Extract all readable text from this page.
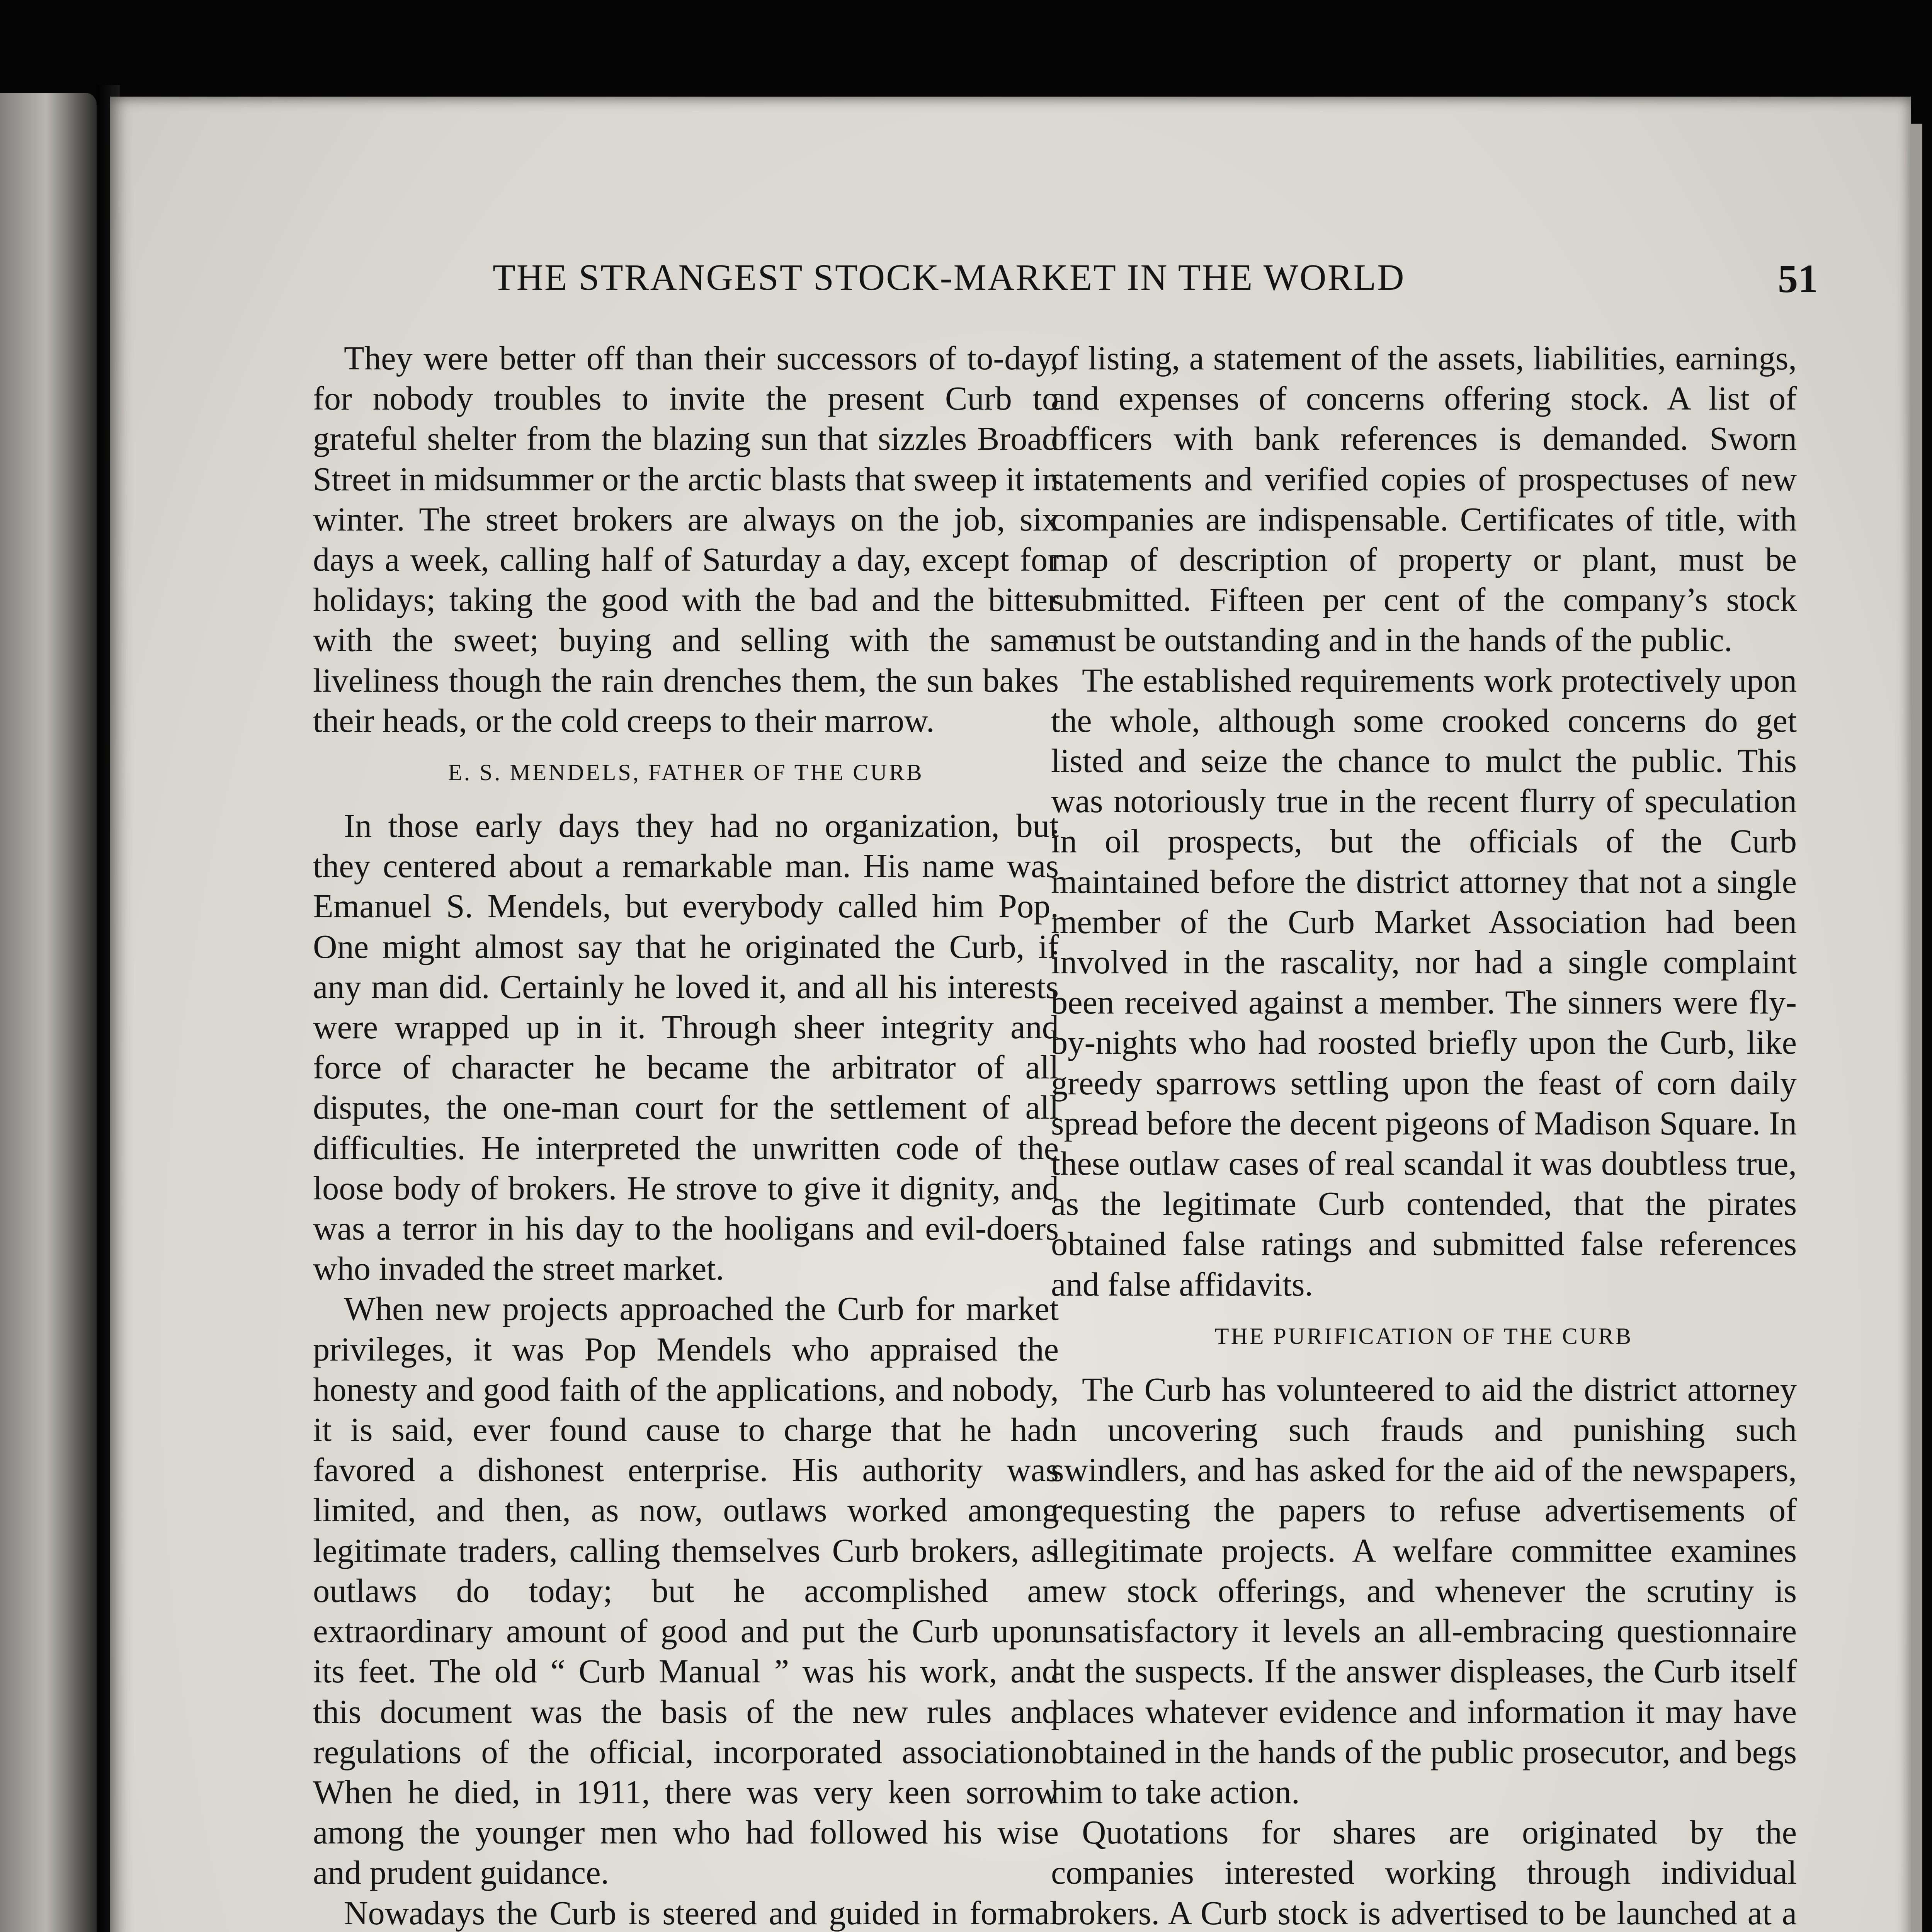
THE STRANGEST STOCK-MARKET IN THE WORLD	51

They were better off than their successors of to-day, for nobody troubles to invite the present Curb to grateful shelter from the blazing sun that sizzles Broad Street in midsummer or the arctic blasts that sweep it in winter. The street brokers are always on the job, six days a week, calling half of Saturday a day, except for holidays; taking the good with the bad and the bitter with the sweet; buying and selling with the same liveliness though the rain drenches them, the sun bakes their heads, or the cold creeps to their marrow.

E. S. MENDELS, FATHER OF THE CURB

In those early days they had no organization, but they centered about a remarkable man. His name was Emanuel S. Mendels, but everybody called him Pop. One might almost say that he originated the Curb, if any man did. Certainly he loved it, and all his interests were wrapped up in it. Through sheer integrity and force of character he became the arbitrator of all disputes, the one-man court for the settlement of all difficulties. He interpreted the unwritten code of the loose body of brokers. He strove to give it dignity, and was a terror in his day to the hooligans and evil-doers who invaded the street market.

When new projects approached the Curb for market privileges, it was Pop Mendels who appraised the honesty and good faith of the applications, and nobody, it is said, ever found cause to charge that he had favored a dishonest enterprise. His authority was limited, and then, as now, outlaws worked among legitimate traders, calling themselves Curb brokers, as outlaws do today; but he accomplished an extraordinary amount of good and put the Curb upon its feet. The old “ Curb Manual ” was his work, and this document was the basis of the new rules and regulations of the official, incorporated association. When he died, in 1911, there was very keen sorrow among the younger men who had followed his wise and prudent guidance.

Nowadays the Curb is steered and guided in formal

of listing, a statement of the assets, liabilities, earnings, and expenses of concerns offering stock. A list of officers with bank references is demanded. Sworn statements and verified copies of prospectuses of new companies are indispensable. Certificates of title, with map of description of property or plant, must be submitted. Fifteen per cent of the company’s stock must be outstanding and in the hands of the public.

The established requirements work protectively upon the whole, although some crooked concerns do get listed and seize the chance to mulct the public. This was notoriously true in the recent flurry of speculation in oil prospects, but the officials of the Curb maintained before the district attorney that not a single member of the Curb Market Association had been involved in the rascality, nor had a single complaint been received against a member. The sinners were fly-by-nights who had roosted briefly upon the Curb, like greedy sparrows settling upon the feast of corn daily spread before the decent pigeons of Madison Square. In these outlaw cases of real scandal it was doubtless true, as the legitimate Curb contended, that the pirates obtained false ratings and submitted false references and false affidavits.

THE PURIFICATION OF THE CURB

The Curb has volunteered to aid the district attorney in uncovering such frauds and punishing such swindlers, and has asked for the aid of the newspapers, requesting the papers to refuse advertisements of illegitimate projects. A welfare committee examines new stock offerings, and whenever the scrutiny is unsatisfactory it levels an all-embracing questionnaire at the suspects. If the answer displeases, the Curb itself places whatever evidence and information it may have obtained in the hands of the public prosecutor, and begs him to take action.

Quotations for shares are originated by the companies interested working through individual brokers. A Curb stock is advertised to be launched at a
